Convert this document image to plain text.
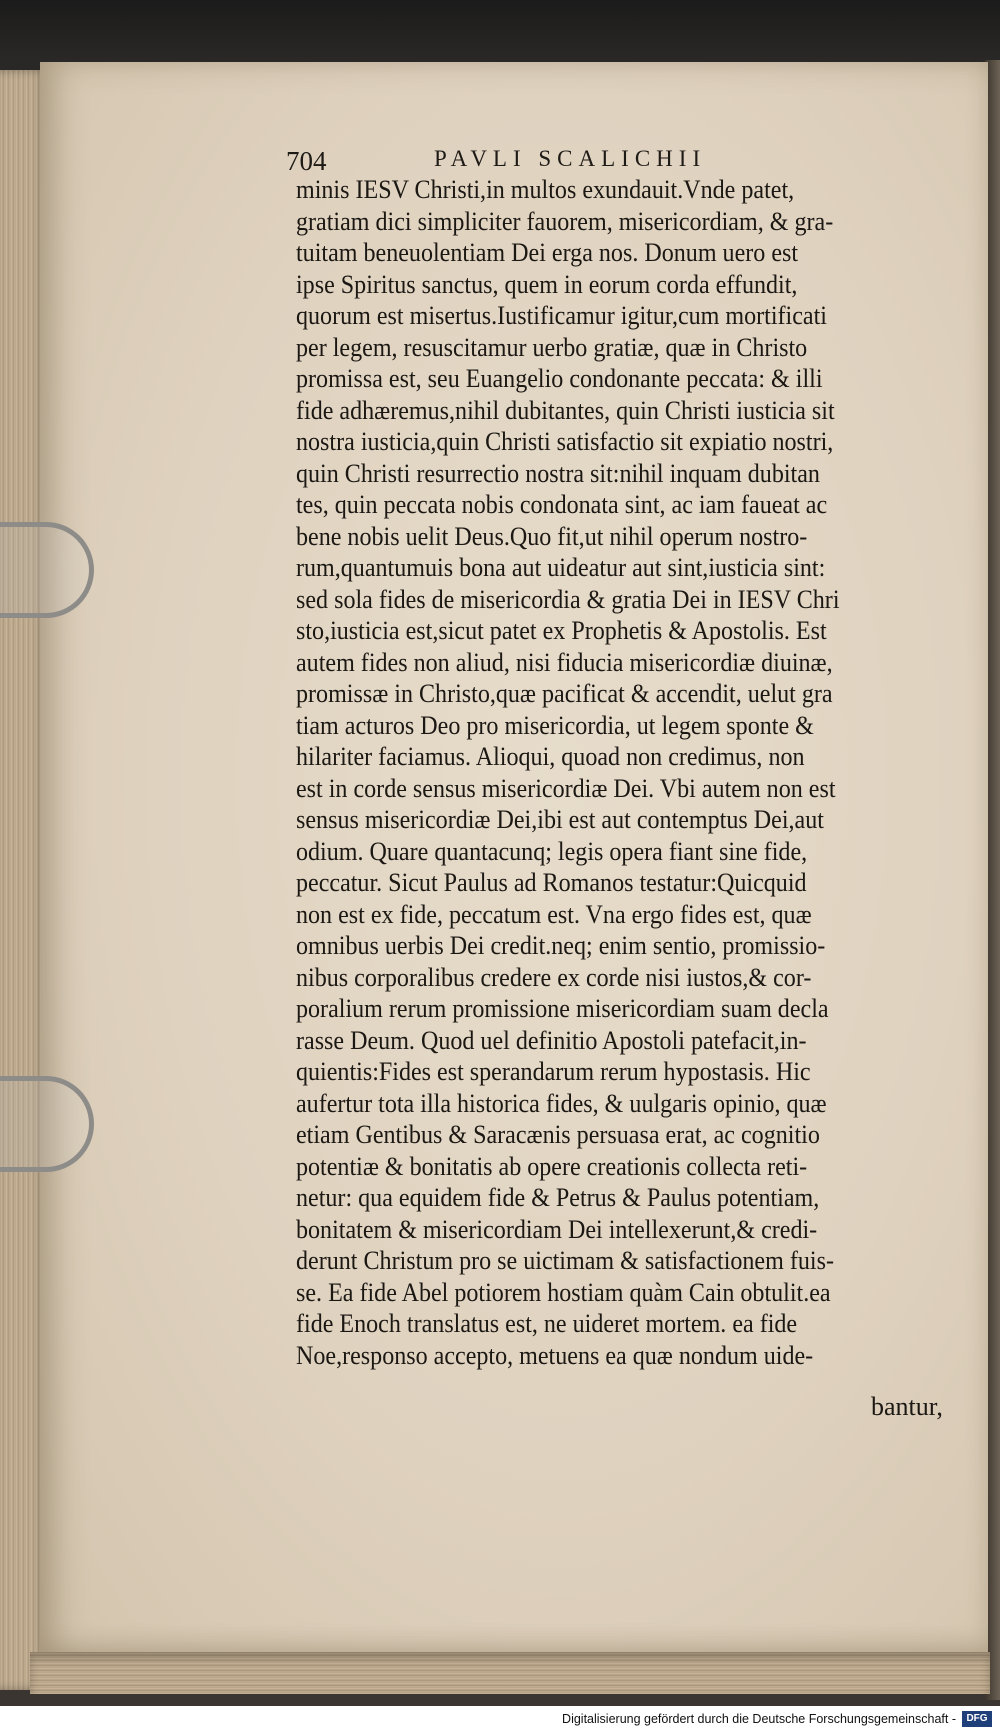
704	PAVLI SCALICHII
minis IESV Christi,in multos exundauit.Vnde patet,
gratiam dici simpliciter fauorem, misericordiam, & gra-
tuitam beneuolentiam Dei erga nos. Donum uero est
ipse Spiritus sanctus, quem in eorum corda effundit,
quorum est misertus.Iustificamur igitur,cum mortificati
per legem, resuscitamur uerbo gratiæ, quæ in Christo
promissa est, seu Euangelio condonante peccata: & illi
fide adhæremus,nihil dubitantes, quin Christi iusticia sit
nostra iusticia,quin Christi satisfactio sit expiatio nostri,
quin Christi resurrectio nostra sit:nihil inquam dubitan
tes, quin peccata nobis condonata sint, ac iam faueat ac
bene nobis uelit Deus.Quo fit,ut nihil operum nostro-
rum,quantumuis bona aut uideatur aut sint,iusticia sint:
sed sola fides de misericordia & gratia Dei in IESV Chri
sto,iusticia est,sicut patet ex Prophetis & Apostolis. Est
autem fides non aliud, nisi fiducia misericordiæ diuinæ,
promissæ in Christo,quæ pacificat & accendit, uelut gra
tiam acturos Deo pro misericordia, ut legem sponte &
hilariter faciamus. Alioqui, quoad non credimus, non
est in corde sensus misericordiæ Dei. Vbi autem non est
sensus misericordiæ Dei,ibi est aut contemptus Dei,aut
odium. Quare quantacunq; legis opera fiant sine fide,
peccatur. Sicut Paulus ad Romanos testatur:Quicquid
non est ex fide, peccatum est. Vna ergo fides est, quæ
omnibus uerbis Dei credit.neq; enim sentio, promissio-
nibus corporalibus credere ex corde nisi iustos,& cor-
poralium rerum promissione misericordiam suam decla
rasse Deum. Quod uel definitio Apostoli patefacit,in-
quientis:Fides est sperandarum rerum hypostasis. Hic
aufertur tota illa historica fides, & uulgaris opinio, quæ
etiam Gentibus & Saracænis persuasa erat, ac cognitio
potentiæ & bonitatis ab opere creationis collecta reti-
netur: qua equidem fide & Petrus & Paulus potentiam,
bonitatem & misericordiam Dei intellexerunt,& credi-
derunt Christum pro se uictimam & satisfactionem fuis-
se. Ea fide Abel potiorem hostiam quàm Cain obtulit.ea
fide Enoch translatus est, ne uideret mortem. ea fide
Noe,responso accepto, metuens ea quæ nondum uide-
bantur,
Digitalisierung gefördert durch die Deutsche Forschungsgemeinschaft -	DFG
